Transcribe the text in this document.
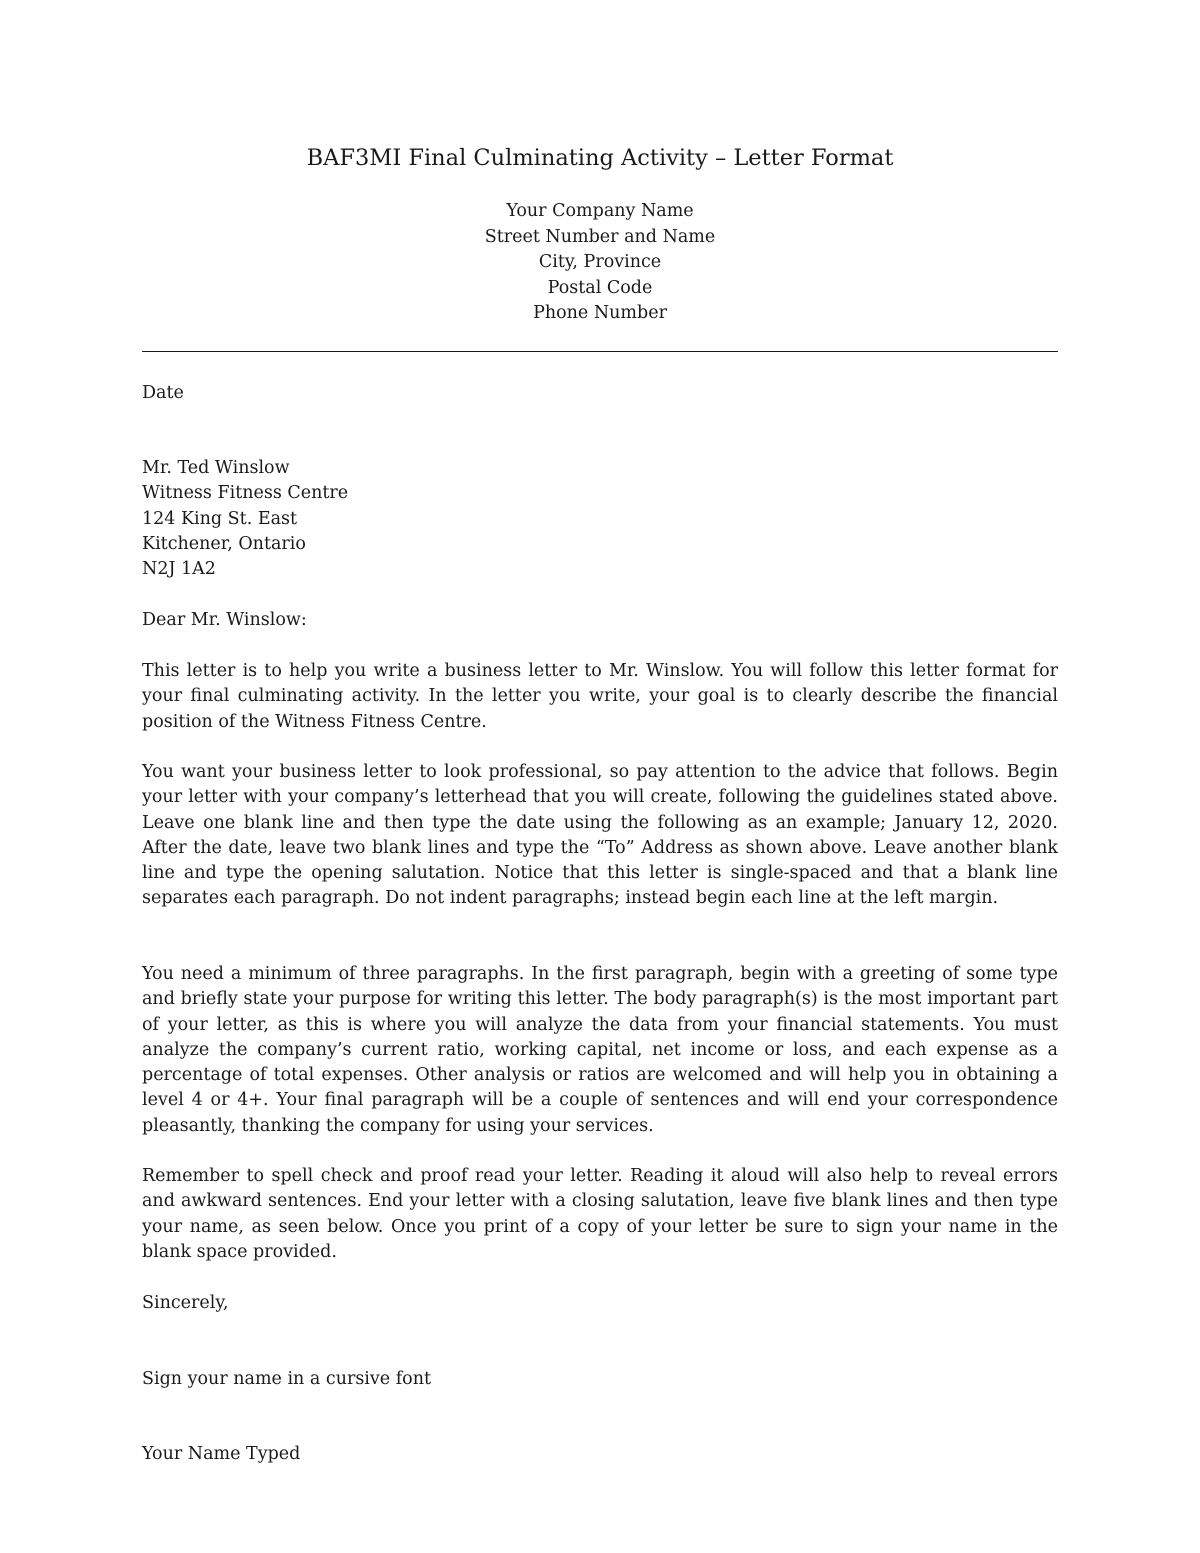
BAF3MI Final Culminating Activity – Letter Format
Your Company Name
Street Number and Name
City, Province
Postal Code
Phone Number
Date
Mr. Ted Winslow
Witness Fitness Centre
124 King St. East
Kitchener, Ontario
N2J 1A2
Dear Mr. Winslow:
This letter is to help you write a business letter to Mr. Winslow. You will follow this letter format for your final culminating activity. In the letter you write, your goal is to clearly describe the financial position of the Witness Fitness Centre.
You want your business letter to look professional, so pay attention to the advice that follows. Begin your letter with your company’s letterhead that you will create, following the guidelines stated above. Leave one blank line and then type the date using the following as an example; January 12, 2020. After the date, leave two blank lines and type the “To” Address as shown above. Leave another blank line and type the opening salutation. Notice that this letter is single-spaced and that a blank line separates each paragraph. Do not indent paragraphs; instead begin each line at the left margin.
You need a minimum of three paragraphs. In the first paragraph, begin with a greeting of some type and briefly state your purpose for writing this letter. The body paragraph(s) is the most important part of your letter, as this is where you will analyze the data from your financial statements. You must analyze the company’s current ratio, working capital, net income or loss, and each expense as a percentage of total expenses. Other analysis or ratios are welcomed and will help you in obtaining a level 4 or 4+. Your final paragraph will be a couple of sentences and will end your correspondence pleasantly, thanking the company for using your services.
Remember to spell check and proof read your letter. Reading it aloud will also help to reveal errors and awkward sentences. End your letter with a closing salutation, leave five blank lines and then type your name, as seen below. Once you print of a copy of your letter be sure to sign your name in the blank space provided.
Sincerely,
Sign your name in a cursive font
Your Name Typed
